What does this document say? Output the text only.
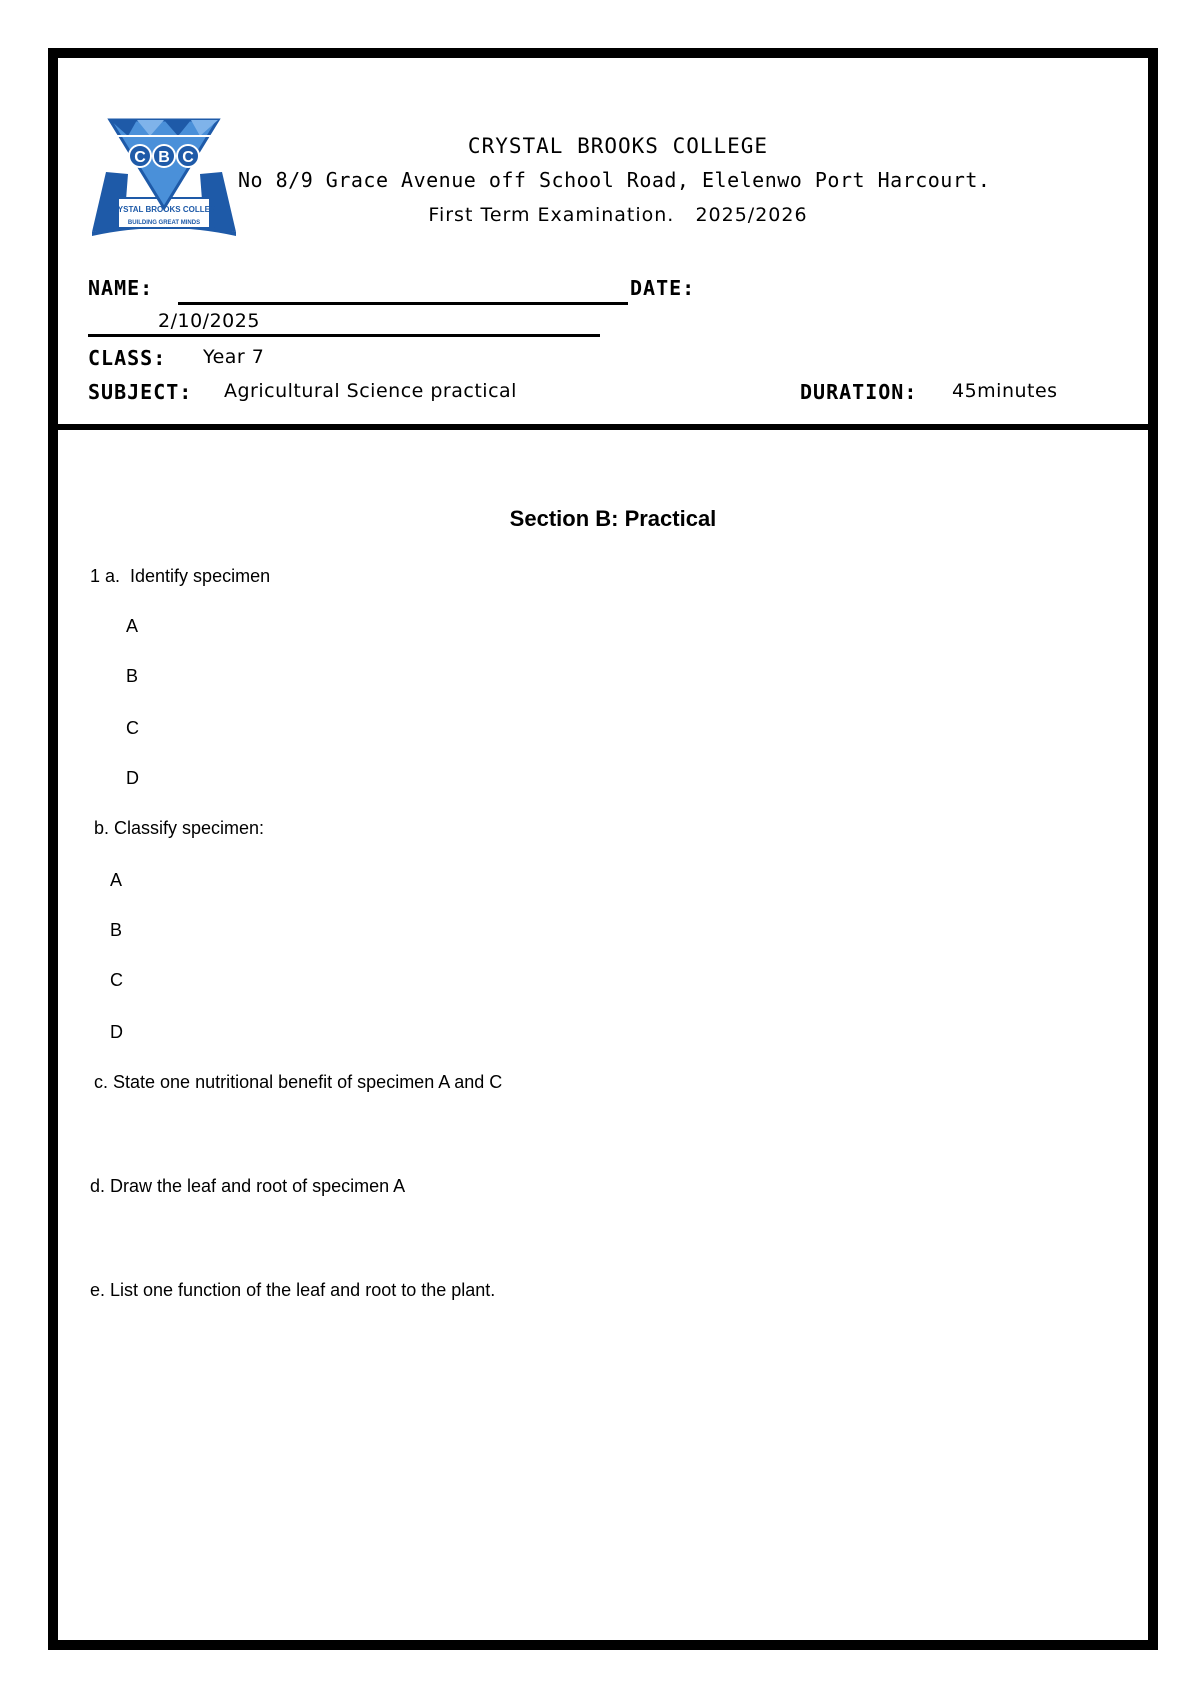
C B C
CRYSTAL BROOKS COLLEGE
BUILDING GREAT MINDS
CRYSTAL BROOKS COLLEGE
No 8/9 Grace Avenue off School Road, Elelenwo Port Harcourt.
First Term Examination.   2025/2026
NAME:	DATE:
2/10/2025
CLASS: Year 7
SUBJECT: Agricultural Science practical	DURATION: 45minutes
Section B: Practical
1 a.  Identify specimen
A
B
C
D
b. Classify specimen:
A
B
C
D
c. State one nutritional benefit of specimen A and C
d. Draw the leaf and root of specimen A
e. List one function of the leaf and root to the plant.
